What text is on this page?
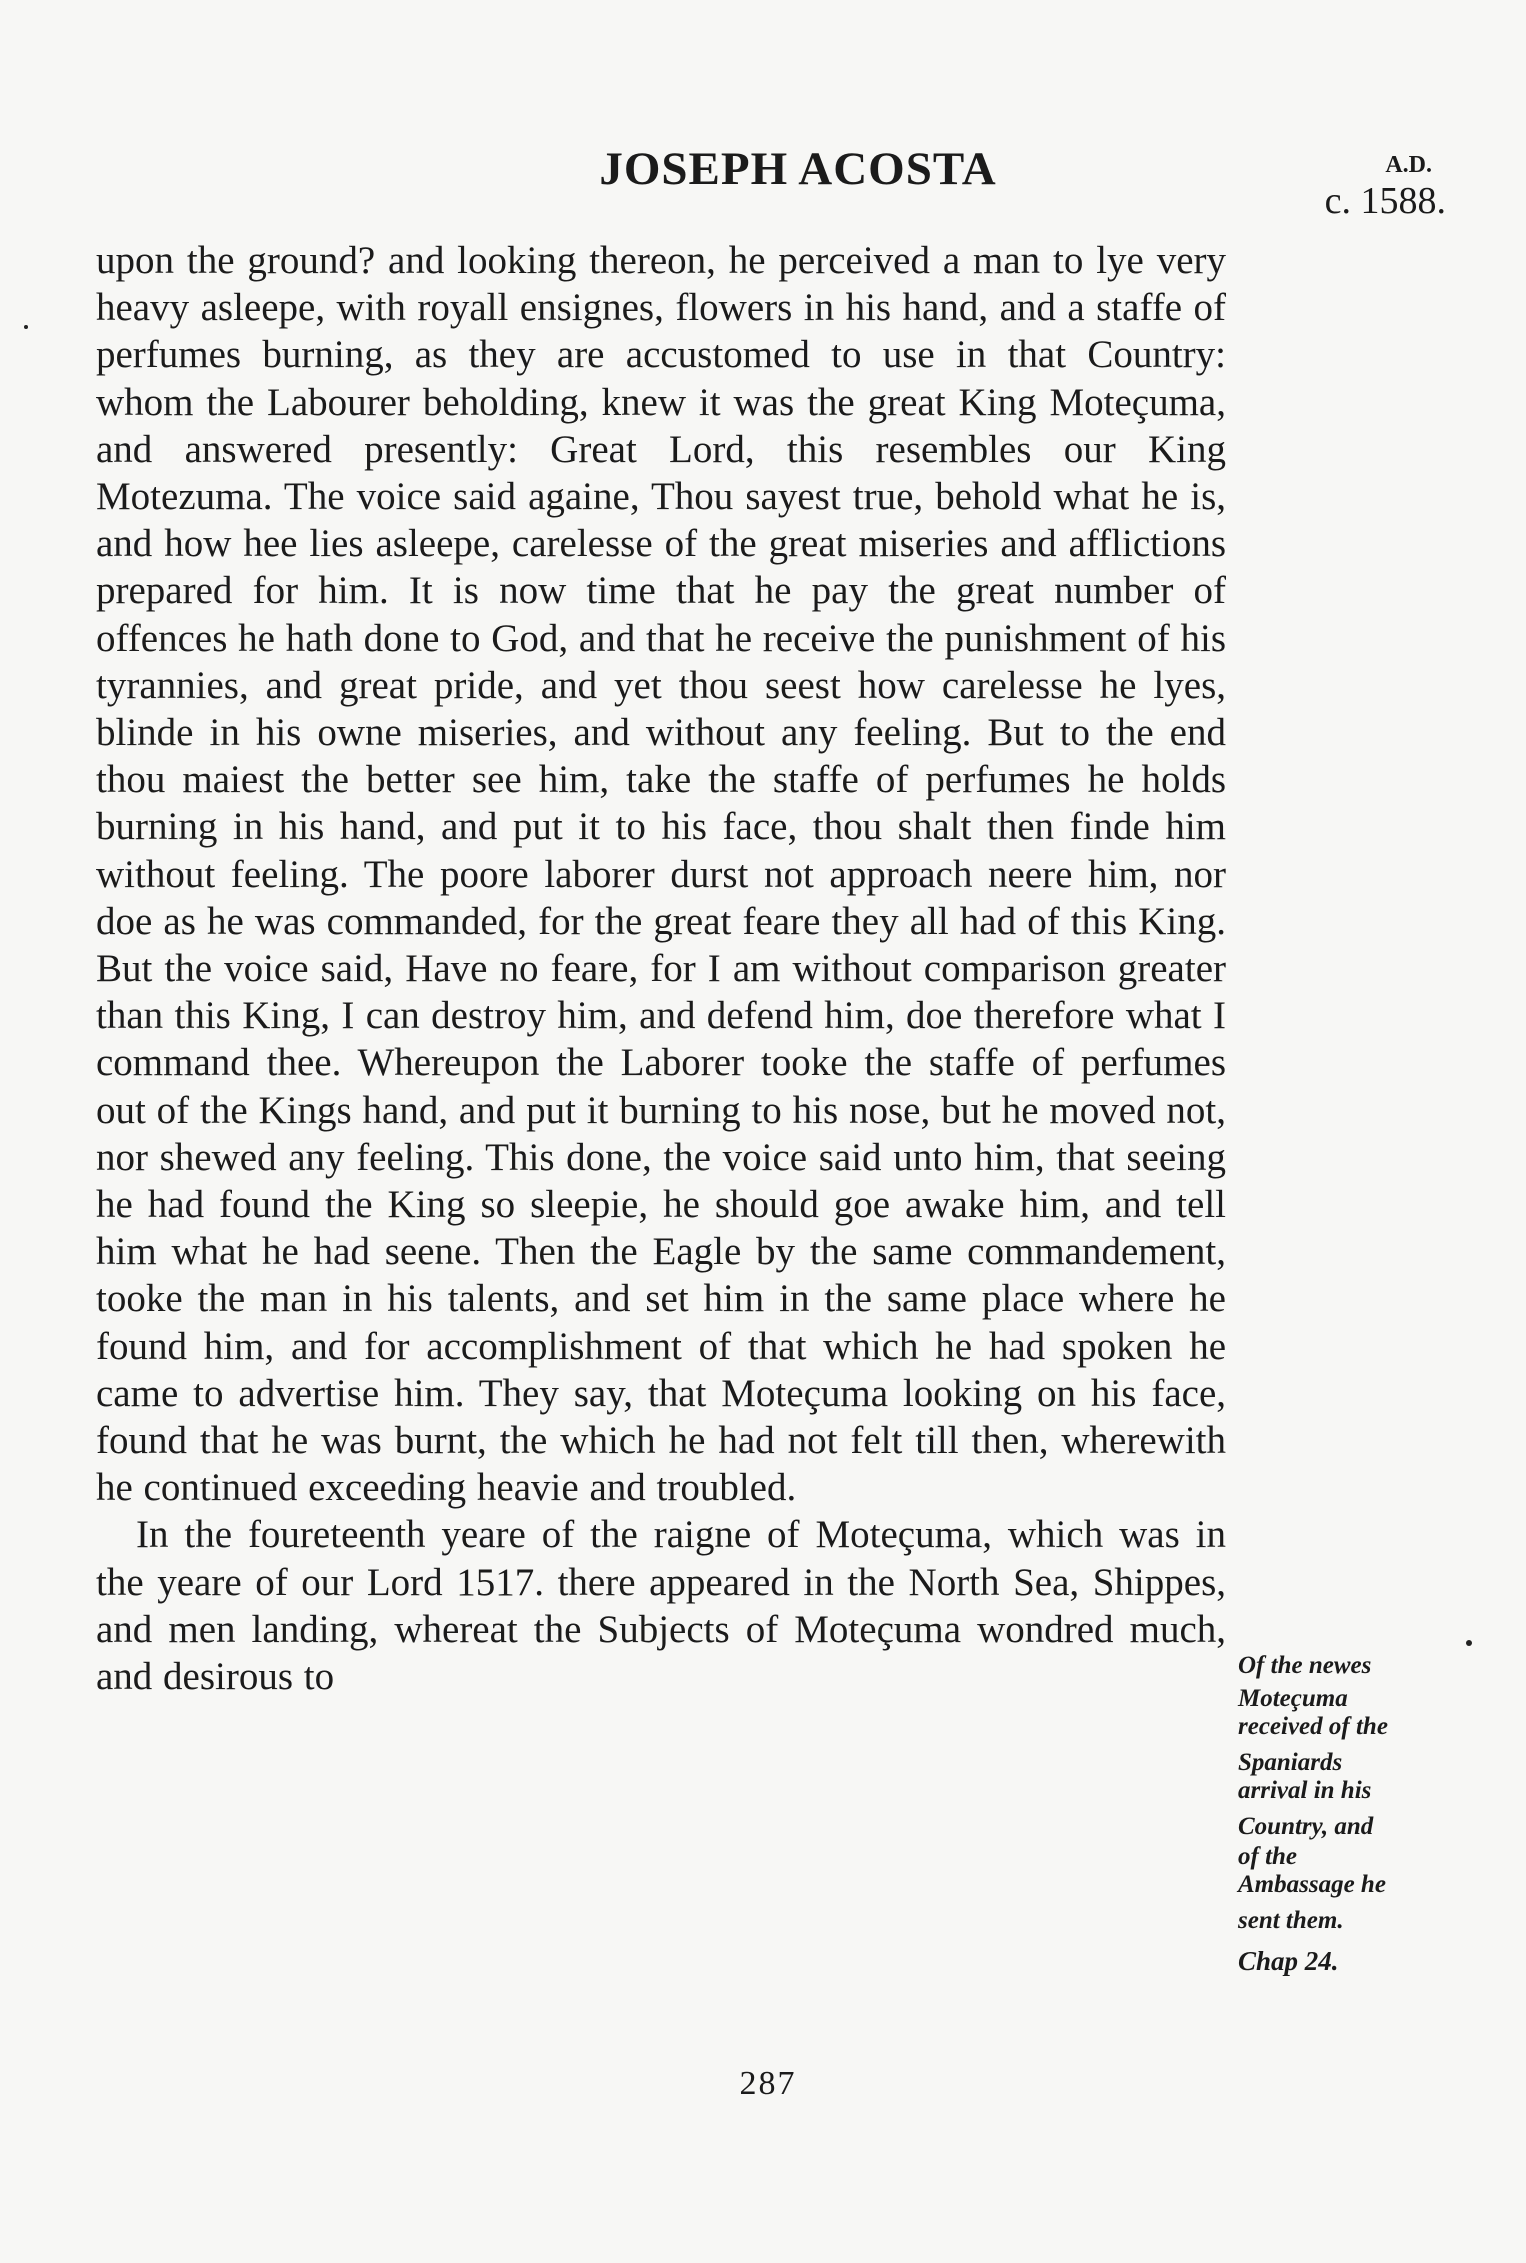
JOSEPH ACOSTA	A.D.
c. 1588.

upon the ground? and looking thereon, he perceived a man to lye very heavy asleepe, with royall ensignes, flowers in his hand, and a staffe of perfumes burning, as they are accustomed to use in that Country: whom the Labourer beholding, knew it was the great King Moteçuma, and answered presently: Great Lord, this resembles our King Motezuma. The voice said againe, Thou sayest true, behold what he is, and how hee lies asleepe, carelesse of the great miseries and afflictions prepared for him. It is now time that he pay the great number of offences he hath done to God, and that he receive the punishment of his tyrannies, and great pride, and yet thou seest how carelesse he lyes, blinde in his owne miseries, and without any feeling. But to the end thou maiest the better see him, take the staffe of perfumes he holds burning in his hand, and put it to his face, thou shalt then finde him without feeling. The poore laborer durst not approach neere him, nor doe as he was commanded, for the great feare they all had of this King. But the voice said, Have no feare, for I am without comparison greater than this King, I can destroy him, and defend him, doe therefore what I command thee. Whereupon the Laborer tooke the staffe of perfumes out of the Kings hand, and put it burning to his nose, but he moved not, nor shewed any feeling. This done, the voice said unto him, that seeing he had found the King so sleepie, he should goe awake him, and tell him what he had seene. Then the Eagle by the same commandement, tooke the man in his talents, and set him in the same place where he found him, and for accomplishment of that which he had spoken he came to advertise him. They say, that Moteçuma looking on his face, found that he was burnt, the which he had not felt till then, wherewith he continued exceeding heavie and troubled.

In the foureteenth yeare of the raigne of Moteçuma, which was in the yeare of our Lord 1517. there appeared in the North Sea, Shippes, and men landing, whereat the Subjects of Moteçuma wondred much, and desirous to	Of the newes
Moteçuma
received of the
Spaniards
arrival in his
Country, and
of the
Ambassage he
sent them.
Chap 24.
287
